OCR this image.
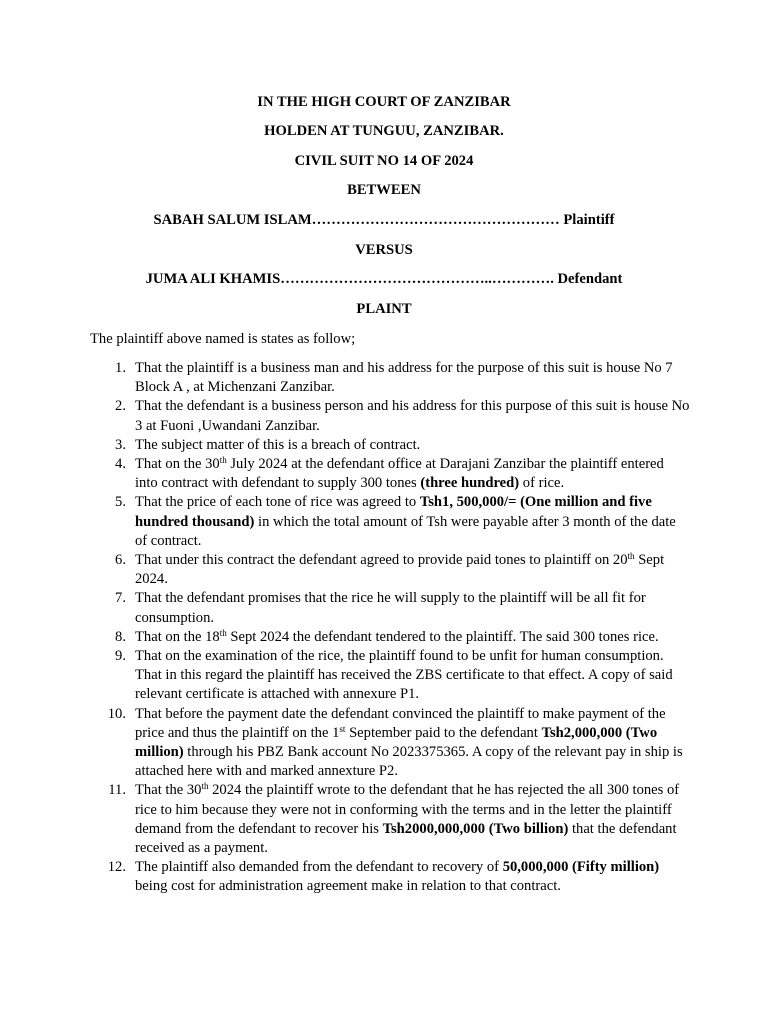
IN THE HIGH COURT OF ZANZIBAR
HOLDEN AT TUNGUU, ZANZIBAR.
CIVIL SUIT NO 14 OF 2024
BETWEEN
SABAH SALUM ISLAM…………………………………………… Plaintiff
VERSUS
JUMA ALI KHAMIS……………………………………..…………. Defendant
PLAINT
The plaintiff above named is states as follow;
1. That the plaintiff is a business man and his address for the purpose of this suit is house No 7 Block A , at Michenzani Zanzibar.
2. That the defendant is a business person and his address for this purpose of this suit is house No 3 at Fuoni ,Uwandani Zanzibar.
3. The subject matter of this is a breach of contract.
4. That on the 30th July 2024 at the defendant office at Darajani Zanzibar the plaintiff entered into contract with defendant to supply 300 tones (three hundred) of rice.
5. That the price of each tone of rice was agreed to Tsh1, 500,000/= (One million and five hundred thousand) in which the total amount of Tsh were payable after 3 month of the date of contract.
6. That under this contract the defendant agreed to provide paid tones to plaintiff on 20th Sept 2024.
7. That the defendant promises that the rice he will supply to the plaintiff will be all fit for consumption.
8. That on the 18th Sept 2024 the defendant tendered to the plaintiff. The said 300 tones rice.
9. That on the examination of the rice, the plaintiff found to be unfit for human consumption. That in this regard the plaintiff has received the ZBS certificate to that effect. A copy of said relevant certificate is attached with annexure P1.
10. That before the payment date the defendant convinced the plaintiff to make payment of the price and thus the plaintiff on the 1st September paid to the defendant Tsh2,000,000 (Two million) through his PBZ Bank account No 2023375365. A copy of the relevant pay in ship is attached here with and marked annexture P2.
11. That the 30th 2024 the plaintiff wrote to the defendant that he has rejected the all 300 tones of rice to him because they were not in conforming with the terms and in the letter the plaintiff demand from the defendant to recover his Tsh2000,000,000 (Two billion) that the defendant received as a payment.
12. The plaintiff also demanded from the defendant to recovery of 50,000,000 (Fifty million) being cost for administration agreement make in relation to that contract.
